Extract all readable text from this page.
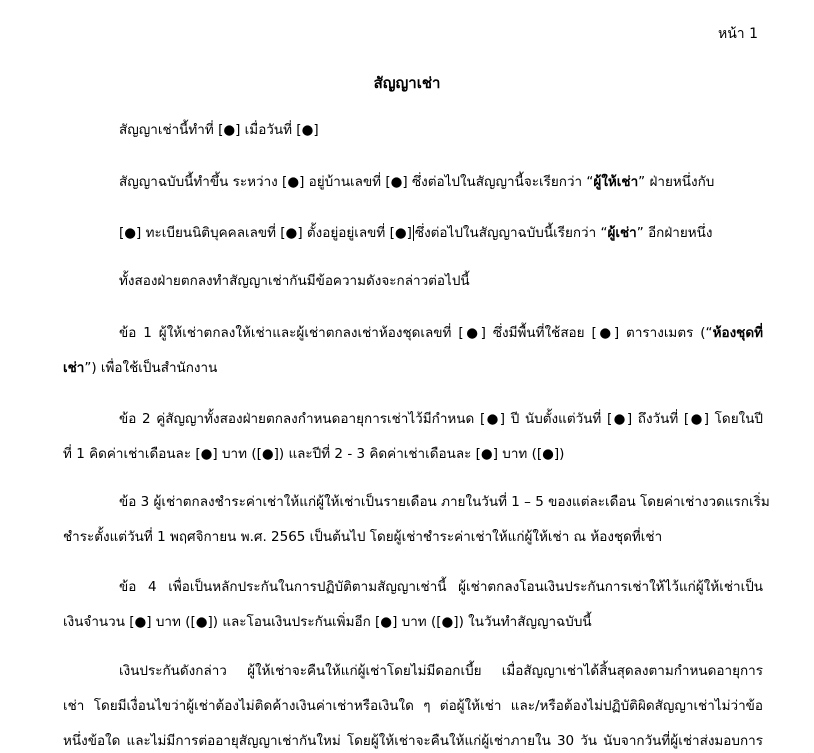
หน้า 1
สัญญาเช่า
สัญญาเช่านี้ทำที่ [●] เมื่อวันที่ [●]
สัญญาฉบับนี้ทำขึ้น ระหว่าง [●] อยู่บ้านเลขที่ [●] ซึ่งต่อไปในสัญญานี้จะเรียกว่า “ผู้ให้เช่า” ฝ่ายหนึ่งกับ
[●] ทะเบียนนิติบุคคลเลขที่ [●] ตั้งอยู่อยู่เลขที่ [●] ซึ่งต่อไปในสัญญาฉบับนี้เรียกว่า “ผู้เช่า” อีกฝ่ายหนึ่ง
ทั้งสองฝ่ายตกลงทำสัญญาเช่ากันมีข้อความดังจะกล่าวต่อไปนี้
ข้อ 1 ผู้ให้เช่าตกลงให้เช่าและผู้เช่าตกลงเช่าห้องชุดเลขที่ [●] ซึ่งมีพื้นที่ใช้สอย [●] ตารางเมตร (“ห้องชุดที่
เช่า”) เพื่อใช้เป็นสำนักงาน
ข้อ 2 คู่สัญญาทั้งสองฝ่ายตกลงกำหนดอายุการเช่าไว้มีกำหนด [●] ปี นับตั้งแต่วันที่ [●] ถึงวันที่ [●] โดยในปี
ที่ 1 คิดค่าเช่าเดือนละ [●] บาท ([●]) และปีที่ 2 - 3 คิดค่าเช่าเดือนละ [●] บาท ([●])
ข้อ 3 ผู้เช่าตกลงชำระค่าเช่าให้แก่ผู้ให้เช่าเป็นรายเดือน ภายในวันที่ 1 – 5 ของแต่ละเดือน โดยค่าเช่างวดแรกเริ่ม
ชำระตั้งแต่วันที่ 1 พฤศจิกายน พ.ศ. 2565 เป็นต้นไป โดยผู้เช่าชำระค่าเช่าให้แก่ผู้ให้เช่า ณ ห้องชุดที่เช่า
ข้อ 4 เพื่อเป็นหลักประกันในการปฏิบัติตามสัญญาเช่านี้ ผู้เช่าตกลงโอนเงินประกันการเช่าให้ไว้แก่ผู้ให้เช่าเป็น
เงินจำนวน [●] บาท ([●]) และโอนเงินประกันเพิ่มอีก [●] บาท ([●]) ในวันทำสัญญาฉบับนี้
เงินประกันดังกล่าว ผู้ให้เช่าจะคืนให้แก่ผู้เช่าโดยไม่มีดอกเบี้ย เมื่อสัญญาเช่าได้สิ้นสุดลงตามกำหนดอายุการ
เช่า โดยมีเงื่อนไขว่าผู้เช่าต้องไม่ติดค้างเงินค่าเช่าหรือเงินใด ๆ ต่อผู้ให้เช่า และ/หรือต้องไม่ปฏิบัติผิดสัญญาเช่าไม่ว่าข้อ
หนึ่งข้อใด และไม่มีการต่ออายุสัญญาเช่ากันใหม่ โดยผู้ให้เช่าจะคืนให้แก่ผู้เช่าภายใน 30 วัน นับจากวันที่ผู้เช่าส่งมอบการ
